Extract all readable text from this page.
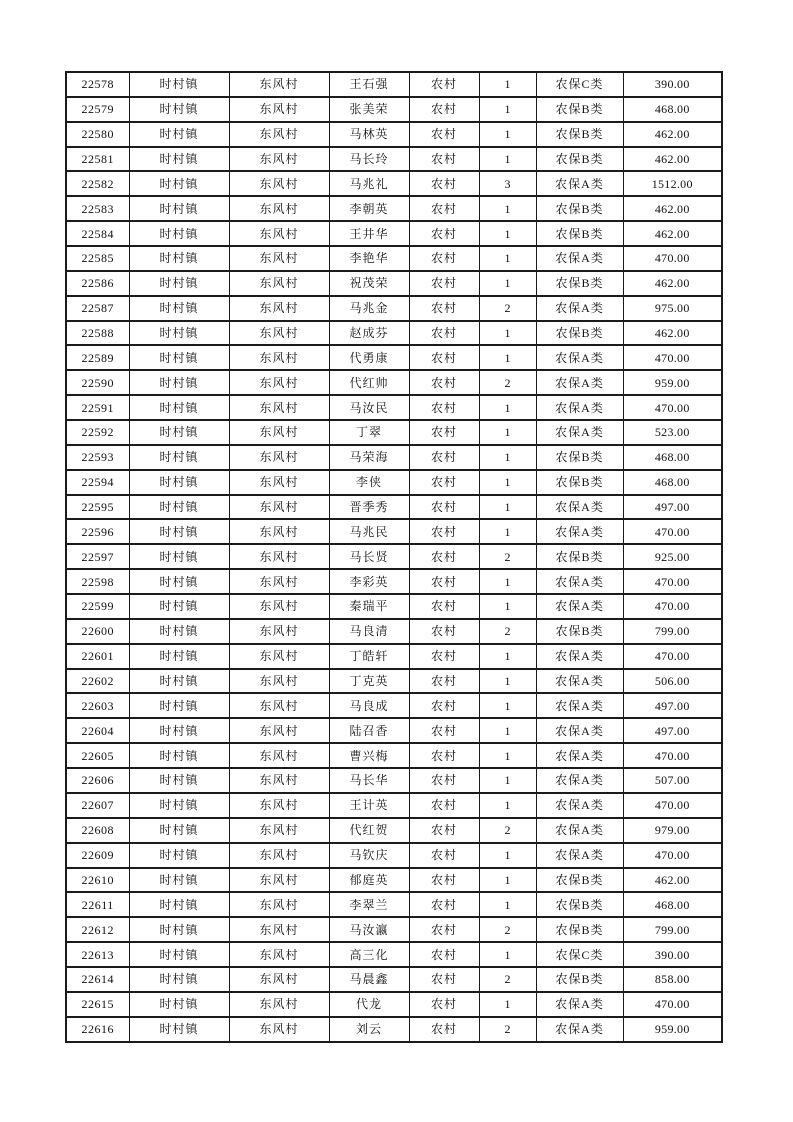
22578	时村镇	东风村	王石强	农村	1	农保C类	390.00
22579	时村镇	东风村	张美荣	农村	1	农保B类	468.00
22580	时村镇	东风村	马林英	农村	1	农保B类	462.00
22581	时村镇	东风村	马长玲	农村	1	农保B类	462.00
22582	时村镇	东风村	马兆礼	农村	3	农保A类	1512.00
22583	时村镇	东风村	李朝英	农村	1	农保B类	462.00
22584	时村镇	东风村	王井华	农村	1	农保B类	462.00
22585	时村镇	东风村	李艳华	农村	1	农保A类	470.00
22586	时村镇	东风村	祝茂荣	农村	1	农保B类	462.00
22587	时村镇	东风村	马兆金	农村	2	农保A类	975.00
22588	时村镇	东风村	赵成芬	农村	1	农保B类	462.00
22589	时村镇	东风村	代勇康	农村	1	农保A类	470.00
22590	时村镇	东风村	代红帅	农村	2	农保A类	959.00
22591	时村镇	东风村	马汝民	农村	1	农保A类	470.00
22592	时村镇	东风村	丁翠	农村	1	农保A类	523.00
22593	时村镇	东风村	马荣海	农村	1	农保B类	468.00
22594	时村镇	东风村	李侠	农村	1	农保B类	468.00
22595	时村镇	东风村	晋季秀	农村	1	农保A类	497.00
22596	时村镇	东风村	马兆民	农村	1	农保A类	470.00
22597	时村镇	东风村	马长贤	农村	2	农保B类	925.00
22598	时村镇	东风村	李彩英	农村	1	农保A类	470.00
22599	时村镇	东风村	秦瑞平	农村	1	农保A类	470.00
22600	时村镇	东风村	马良清	农村	2	农保B类	799.00
22601	时村镇	东风村	丁皓轩	农村	1	农保A类	470.00
22602	时村镇	东风村	丁克英	农村	1	农保A类	506.00
22603	时村镇	东风村	马良成	农村	1	农保A类	497.00
22604	时村镇	东风村	陆召香	农村	1	农保A类	497.00
22605	时村镇	东风村	曹兴梅	农村	1	农保A类	470.00
22606	时村镇	东风村	马长华	农村	1	农保A类	507.00
22607	时村镇	东风村	王计英	农村	1	农保A类	470.00
22608	时村镇	东风村	代红贺	农村	2	农保A类	979.00
22609	时村镇	东风村	马钦庆	农村	1	农保A类	470.00
22610	时村镇	东风村	郁庭英	农村	1	农保B类	462.00
22611	时村镇	东风村	李翠兰	农村	1	农保B类	468.00
22612	时村镇	东风村	马汝瀛	农村	2	农保B类	799.00
22613	时村镇	东风村	高三化	农村	1	农保C类	390.00
22614	时村镇	东风村	马晨鑫	农村	2	农保B类	858.00
22615	时村镇	东风村	代龙	农村	1	农保A类	470.00
22616	时村镇	东风村	刘云	农村	2	农保A类	959.00
